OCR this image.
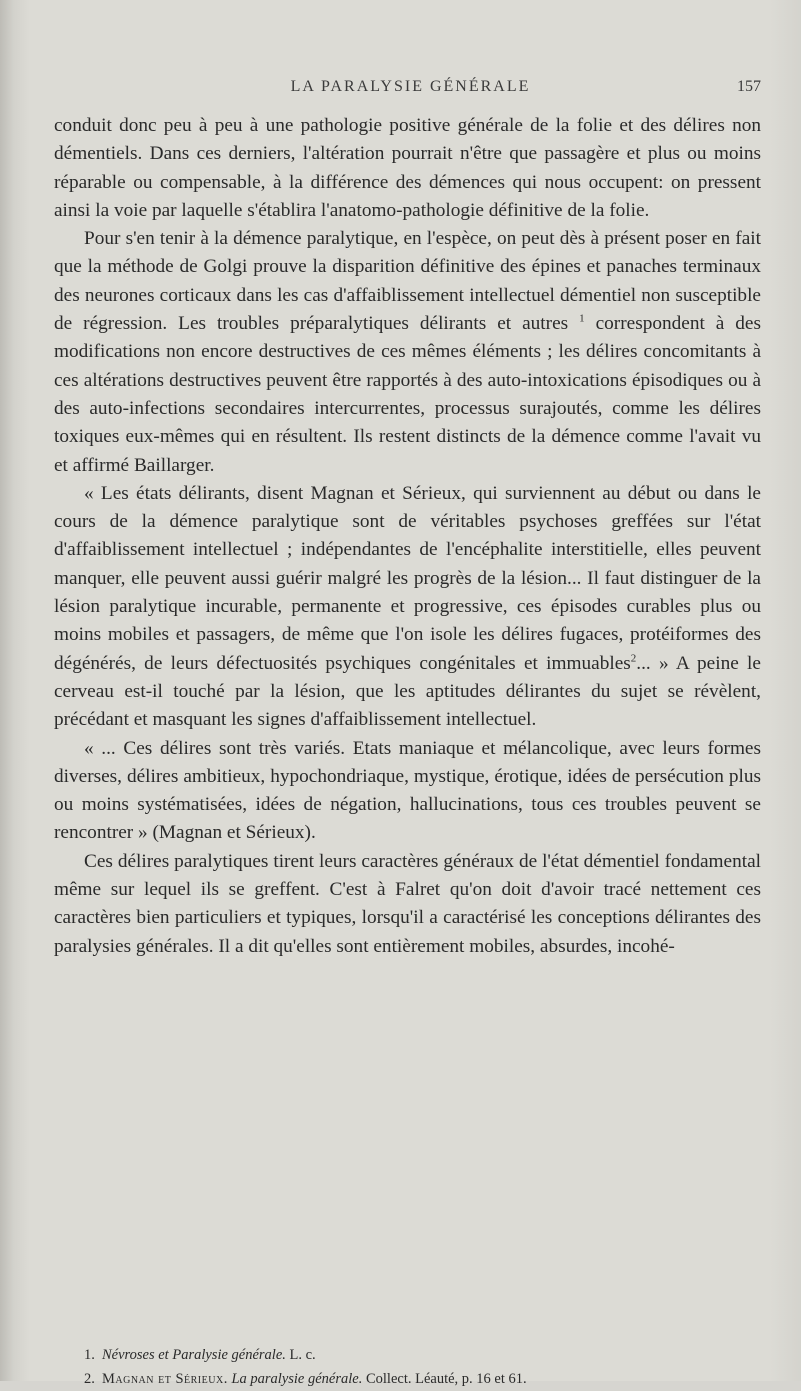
LA PARALYSIE GÉNÉRALE	157

conduit donc peu à peu à une pathologie positive générale de la folie et des délires non démentiels. Dans ces derniers, l'altération pourrait n'être que passagère et plus ou moins réparable ou compensable, à la différence des démences qui nous occupent: on pressent ainsi la voie par laquelle s'établira l'anatomo-pathologie définitive de la folie.

Pour s'en tenir à la démence paralytique, en l'espèce, on peut dès à présent poser en fait que la méthode de Golgi prouve la disparition définitive des épines et panaches terminaux des neurones corticaux dans les cas d'affaiblissement intellectuel démentiel non susceptible de régression. Les troubles préparalytiques délirants et autres $^1$ correspondent à des modifications non encore destructives de ces mêmes éléments ; les délires concomitants à ces altérations destructives peuvent être rapportés à des auto-intoxications épisodiques ou à des auto-infections secondaires intercurrentes, processus surajoutés, comme les délires toxiques eux-mêmes qui en résultent. Ils restent distincts de la démence comme l'avait vu et affirmé Baillarger.

« Les états délirants, disent Magnan et Sérieux, qui surviennent au début ou dans le cours de la démence paralytique sont de véritables psychoses greffées sur l'état d'affaiblissement intellectuel ; indépendantes de l'encéphalite interstitielle, elles peuvent manquer, elle peuvent aussi guérir malgré les progrès de la lésion... Il faut distinguer de la lésion paralytique incurable, permanente et progressive, ces épisodes curables plus ou moins mobiles et passagers, de même que l'on isole les délires fugaces, protéiformes des dégénérés, de leurs défectuosités psychiques congénitales et immuables$^2$... » A peine le cerveau est-il touché par la lésion, que les aptitudes délirantes du sujet se révèlent, précédant et masquant les signes d'affaiblissement intellectuel.

« ... Ces délires sont très variés. Etats maniaque et mélancolique, avec leurs formes diverses, délires ambitieux, hypochondriaque, mystique, érotique, idées de persécution plus ou moins systématisées, idées de négation, hallucinations, tous ces troubles peuvent se rencontrer » (Magnan et Sérieux).

Ces délires paralytiques tirent leurs caractères généraux de l'état démentiel fondamental même sur lequel ils se greffent. C'est à Falret qu'on doit d'avoir tracé nettement ces caractères bien particuliers et typiques, lorsqu'il a caractérisé les conceptions délirantes des paralysies générales. Il a dit qu'elles sont entièrement mobiles, absurdes, incohé-

1. Névroses et Paralysie générale. L. c.

2. Magnan et Sérieux. La paralysie générale. Collect. Léauté, p. 16 et 61.
